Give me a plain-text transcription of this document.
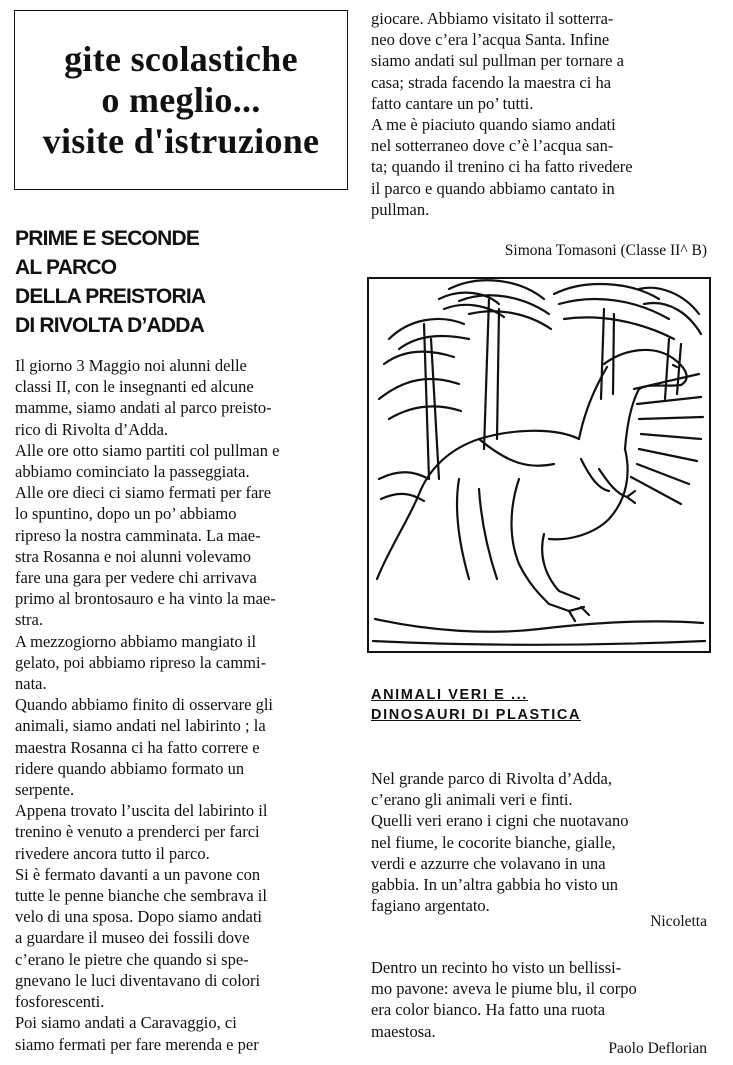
gite scolastiche
o meglio...
visite d'istruzione
PRIME E SECONDE
AL PARCO
DELLA PREISTORIA
DI RIVOLTA D’ADDA

Il giorno 3 Maggio noi alunni delle

classi II, con le insegnanti ed alcune

mamme, siamo andati al parco preisto-

rico di Rivolta d’Adda.

Alle ore otto siamo partiti col pullman e

abbiamo cominciato la passeggiata.

Alle ore dieci ci siamo fermati per fare

lo spuntino, dopo un po’ abbiamo

ripreso la nostra camminata. La mae-

stra Rosanna e noi alunni volevamo

fare una gara per vedere chi arrivava

primo al brontosauro e ha vinto la mae-

stra.

A mezzogiorno abbiamo mangiato il

gelato, poi abbiamo ripreso la cammi-

nata.

Quando abbiamo finito di osservare gli

animali, siamo andati nel labirinto ; la

maestra Rosanna ci ha fatto correre e

ridere quando abbiamo formato un

serpente.

Appena trovato l’uscita del labirinto il

trenino è venuto a prenderci per farci

rivedere ancora tutto il parco.

Si è fermato davanti a un pavone con

tutte le penne bianche che sembrava il

velo di una sposa. Dopo siamo andati

a guardare il museo dei fossili dove

c’erano le pietre che quando si spe-

gnevano le luci diventavano di colori

fosforescenti.

Poi siamo andati a Caravaggio, ci

siamo fermati per fare merenda e per

giocare. Abbiamo visitato il sotterra-

neo dove c’era l’acqua Santa. Infine

siamo andati sul pullman per tornare a

casa; strada facendo la maestra ci ha

fatto cantare un po’ tutti.

A me è piaciuto quando siamo andati

nel sotterraneo dove c’è l’acqua san-

ta; quando il trenino ci ha fatto rivedere

il parco e quando abbiamo cantato in

pullman.

Simona Tomasoni (Classe II^ B)
ANIMALI VERI E ...
DINOSAURI DI PLASTICA

Nel grande parco di Rivolta d’Adda,

c’erano gli animali veri e finti.

Quelli veri erano i cigni che nuotavano

nel fiume, le cocorite bianche, gialle,

verdi e azzurre che volavano in una

gabbia. In un’altra gabbia ho visto un

fagiano argentato.

Nicoletta

Dentro un recinto ho visto un bellissi-

mo pavone: aveva le piume blu, il corpo

era color bianco. Ha fatto una ruota

maestosa.

Paolo Deflorian
